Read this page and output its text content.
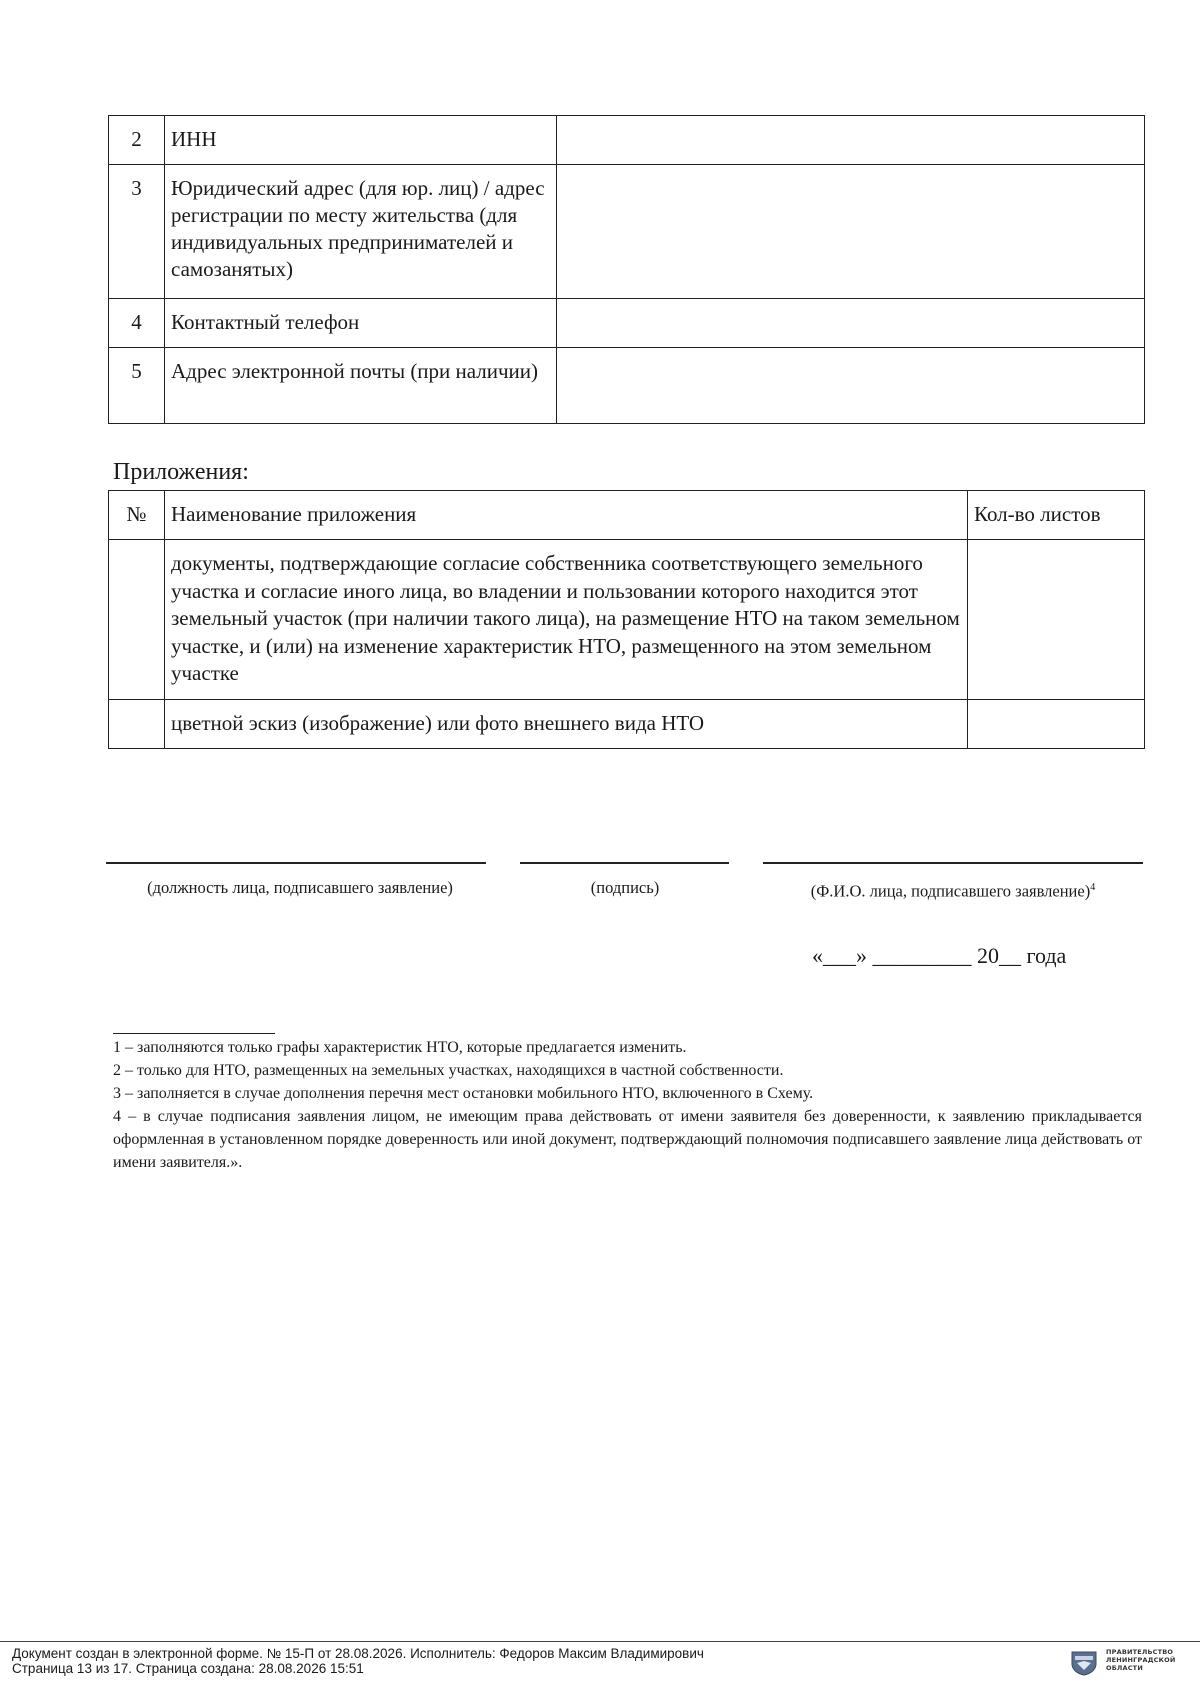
2	ИНН	
3	Юридический адрес (для юр. лиц) / адрес регистрации по месту жительства (для индивидуальных предпринимателей и самозанятых)	
4	Контактный телефон	
5	Адрес электронной почты (при наличии)	
Приложения:
№	Наименование приложения	Кол-во листов
	документы, подтверждающие согласие собственника соответствующего земельного участка и согласие иного лица, во владении и пользовании которого находится этот земельный участок (при наличии такого лица), на размещение НТО на таком земельном участке, и (или) на изменение характеристик НТО, размещенного на этом земельном участке	
	цветной эскиз (изображение) или фото внешнего вида НТО	
(должность лица, подписавшего заявление)	(подпись)	(Ф.И.О. лица, подписавшего заявление)$^4$
«___» _________ 20__ года

1 – заполняются только графы характеристик НТО, которые предлагается изменить.

2 – только для НТО, размещенных на земельных участках, находящихся в частной собственности.

3 – заполняется в случае дополнения перечня мест остановки мобильного НТО, включенного в Схему.

4 – в случае подписания заявления лицом, не имеющим права действовать от имени заявителя без доверенности, к заявлению прикладывается оформленная в установленном порядке доверенность или иной документ, подтверждающий полномочия подписавшего заявление лица действовать от имени заявителя.».

Документ создан в электронной форме. № 15-П от 28.08.2026. Исполнитель: Федоров Максим Владимирович
Страница 13 из 17. Страница создана: 28.08.2026 15:51
ПРАВИТЕЛЬСТВО
ЛЕНИНГРАДСКОЙ
ОБЛАСТИ
